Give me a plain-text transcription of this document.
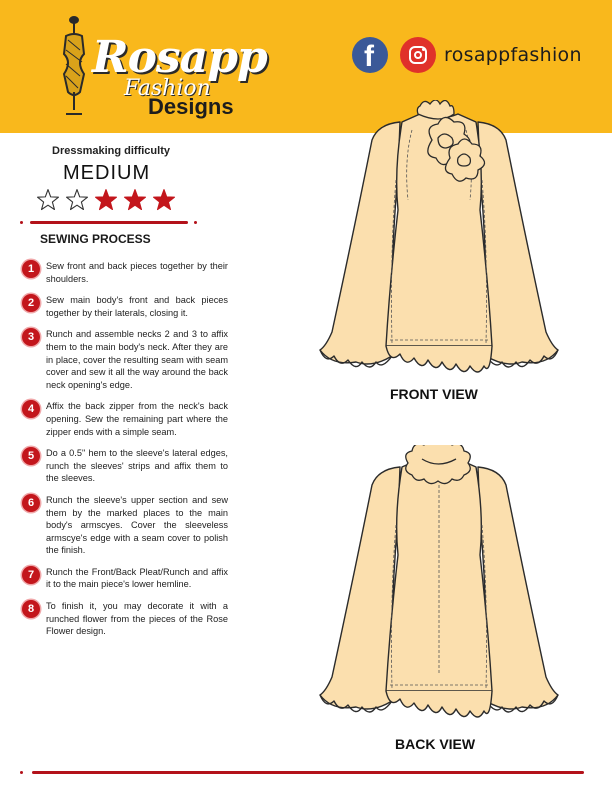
Rosapp
Fashion
Designs
f	rosappfashion
Dressmaking difficulty
MEDIUM
SEWING PROCESS
1	Sew front and back pieces together by their shoulders.
2	Sew main body's front and back pieces together by their laterals, closing it.
3	Runch and assemble necks 2 and 3 to affix them to the main body's neck. After they are in place, cover the resulting seam with seam cover and sew it all the way around the back neck opening's edge.
4	Affix the back zipper from the neck's back opening. Sew the remaining part where the zipper ends with a simple seam.
5	Do a 0.5" hem to the sleeve's lateral edges, runch the sleeves' strips and affix them to the sleeves.
6	Runch the sleeve's upper section and sew them by the marked places to the main body's armscyes. Cover the sleeveless armscye's edge with a seam cover to polish the finish.
7	Runch the Front/Back Pleat/Runch and affix it to the main piece's lower hemline.
8	To finish it, you may decorate it with a runched flower from the pieces of the Rose Flower design.
FRONT VIEW
BACK VIEW
